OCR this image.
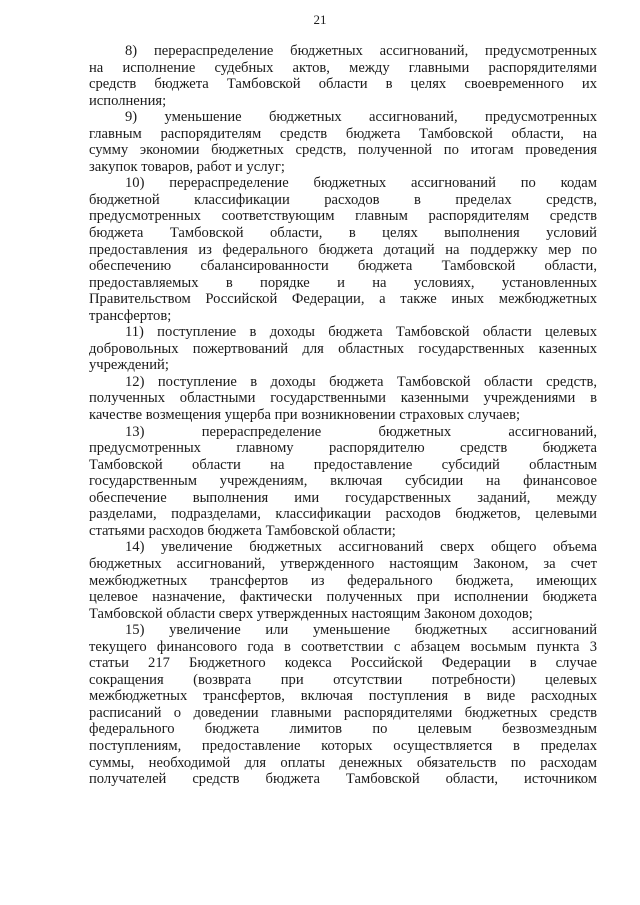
21
8) перераспределение бюджетных ассигнований, предусмотренных
на исполнение судебных актов, между главными распорядителями
средств бюджета Тамбовской области в целях своевременного их
исполнения;
9) уменьшение бюджетных ассигнований, предусмотренных
главным распорядителям средств бюджета Тамбовской области, на
сумму экономии бюджетных средств, полученной по итогам проведения
закупок товаров, работ и услуг;
10) перераспределение бюджетных ассигнований по кодам
бюджетной классификации расходов в пределах средств,
предусмотренных соответствующим главным распорядителям средств
бюджета Тамбовской области, в целях выполнения условий
предоставления из федерального бюджета дотаций на поддержку мер по
обеспечению сбалансированности бюджета Тамбовской области,
предоставляемых в порядке и на условиях, установленных
Правительством Российской Федерации, а также иных межбюджетных
трансфертов;
11) поступление в доходы бюджета Тамбовской области целевых
добровольных пожертвований для областных государственных казенных
учреждений;
12) поступление в доходы бюджета Тамбовской области средств,
полученных областными государственными казенными учреждениями в
качестве возмещения ущерба при возникновении страховых случаев;
13) перераспределение бюджетных ассигнований,
предусмотренных главному распорядителю средств бюджета
Тамбовской области на предоставление субсидий областным
государственным учреждениям, включая субсидии на финансовое
обеспечение выполнения ими государственных заданий, между
разделами, подразделами, классификации расходов бюджетов, целевыми
статьями расходов бюджета Тамбовской области;
14) увеличение бюджетных ассигнований сверх общего объема
бюджетных ассигнований, утвержденного настоящим Законом, за счет
межбюджетных трансфертов из федерального бюджета, имеющих
целевое назначение, фактически полученных при исполнении бюджета
Тамбовской области сверх утвержденных настоящим Законом доходов;
15) увеличение или уменьшение бюджетных ассигнований
текущего финансового года в соответствии с абзацем восьмым пункта 3
статьи 217 Бюджетного кодекса Российской Федерации в случае
сокращения (возврата при отсутствии потребности) целевых
межбюджетных трансфертов, включая поступления в виде расходных
расписаний о доведении главными распорядителями бюджетных средств
федерального бюджета лимитов по целевым безвозмездным
поступлениям, предоставление которых осуществляется в пределах
суммы, необходимой для оплаты денежных обязательств по расходам
получателей средств бюджета Тамбовской области, источником
